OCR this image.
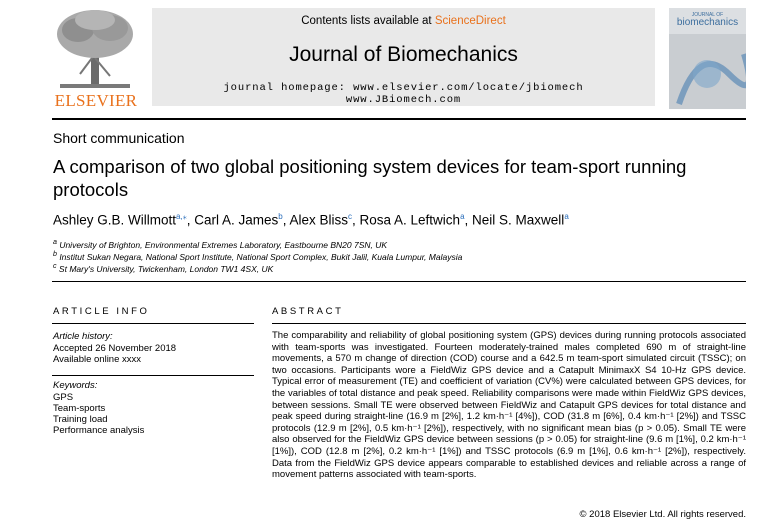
ELSEVIER
Contents lists available at ScienceDirect
Journal of Biomechanics
journal homepage: www.elsevier.com/locate/jbiomech
www.JBiomech.com
JOURNAL OF
biomechanics
Short communication
A comparison of two global positioning system devices for team-sport running protocols
Ashley G.B. Willmott$^{a,⁎}$, Carl A. James$^b$, Alex Bliss$^c$, Rosa A. Leftwich$^a$, Neil S. Maxwell$^a$
$^a$ University of Brighton, Environmental Extremes Laboratory, Eastbourne BN20 7SN, UK
$^b$ Institut Sukan Negara, National Sport Institute, National Sport Complex, Bukit Jalil, Kuala Lumpur, Malaysia
$^c$ St Mary's University, Twickenham, London TW1 4SX, UK
ARTICLE INFO
Article history:
Accepted 26 November 2018
Available online xxxx
Keywords:
GPS
Team-sports
Training load
Performance analysis
ABSTRACT
The comparability and reliability of global positioning system (GPS) devices during running protocols associated with team-sports was investigated. Fourteen moderately-trained males completed 690 m of straight-line movements, a 570 m change of direction (COD) course and a 642.5 m team-sport simulated circuit (TSSC); on two occasions. Participants wore a FieldWiz GPS device and a Catapult MinimaxX S4 10-Hz GPS device. Typical error of measurement (TE) and coefficient of variation (CV%) were calculated between GPS devices, for the variables of total distance and peak speed. Reliability comparisons were made within FieldWiz GPS devices, between sessions. Small TE were observed between FieldWiz and Catapult GPS devices for total distance and peak speed during straight-line (16.9 m [2%], 1.2 km·h⁻¹ [4%]), COD (31.8 m [6%], 0.4 km·h⁻¹ [2%]) and TSSC protocols (12.9 m [2%], 0.5 km·h⁻¹ [2%]), respectively, with no significant mean bias (p > 0.05). Small TE were also observed for the FieldWiz GPS device between sessions (p > 0.05) for straight-line (9.6 m [1%], 0.2 km·h⁻¹ [1%]), COD (12.8 m [2%], 0.2 km·h⁻¹ [1%]) and TSSC protocols (6.9 m [1%], 0.6 km·h⁻¹ [2%]), respectively. Data from the FieldWiz GPS device appears comparable to established devices and reliable across a range of movement patterns associated with team-sports.
© 2018 Elsevier Ltd. All rights reserved.
